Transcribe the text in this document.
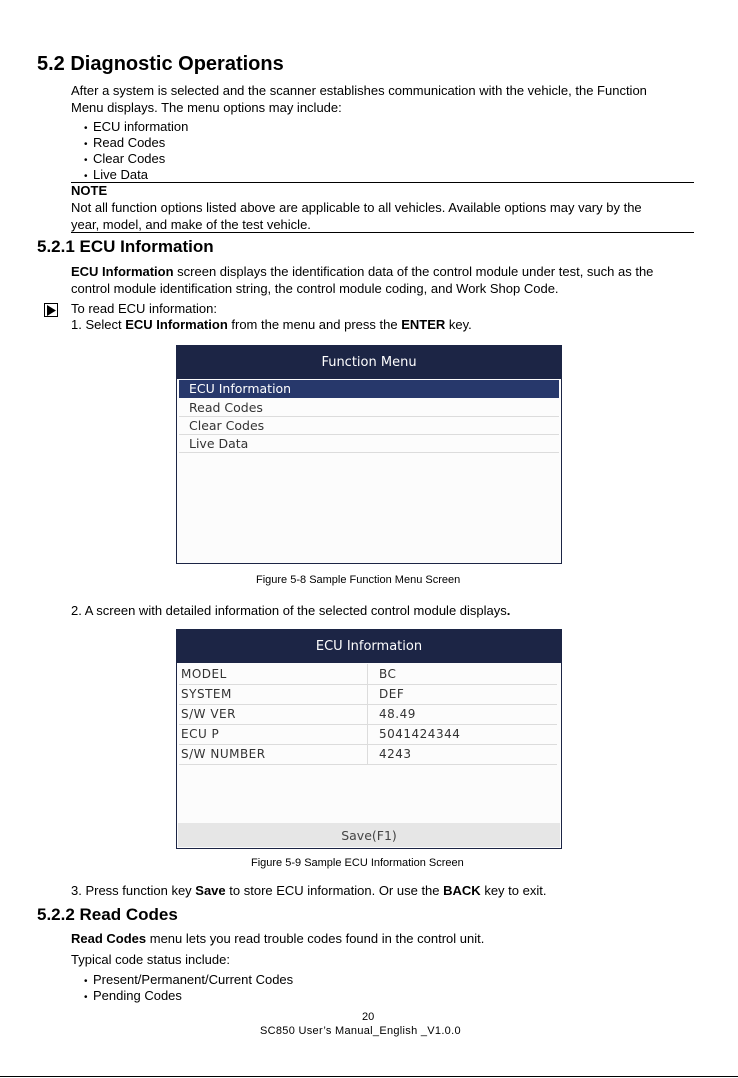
5.2 Diagnostic Operations

After a system is selected and the scanner establishes communication with the vehicle, the Function
Menu displays. The menu options may include:

• ECU information
• Read Codes
• Clear Codes
• Live Data
NOTE

Not all function options listed above are applicable to all vehicles. Available options may vary by the
year, model, and make of the test vehicle.

5.2.1 ECU Information

ECU Information screen displays the identification data of the control module under test, such as the
control module identification string, the control module coding, and Work Shop Code.

To read ECU information:
1. Select ECU Information from the menu and press the ENTER key.
Function Menu
ECU Information
Read Codes
Clear Codes
Live Data
Figure 5-8 Sample Function Menu Screen
2. A screen with detailed information of the selected control module displays.
ECU Information
MODEL	BC
SYSTEM	DEF
S/W VER	48.49
ECU P	5041424344
S/W NUMBER	4243
Save(F1)
Figure 5-9 Sample ECU Information Screen
3. Press function key Save to store ECU information. Or use the BACK key to exit.
5.2.2 Read Codes
Read Codes menu lets you read trouble codes found in the control unit.
Typical code status include:
• Present/Permanent/Current Codes
• Pending Codes
20
SC850 User’s Manual_English _V1.0.0
